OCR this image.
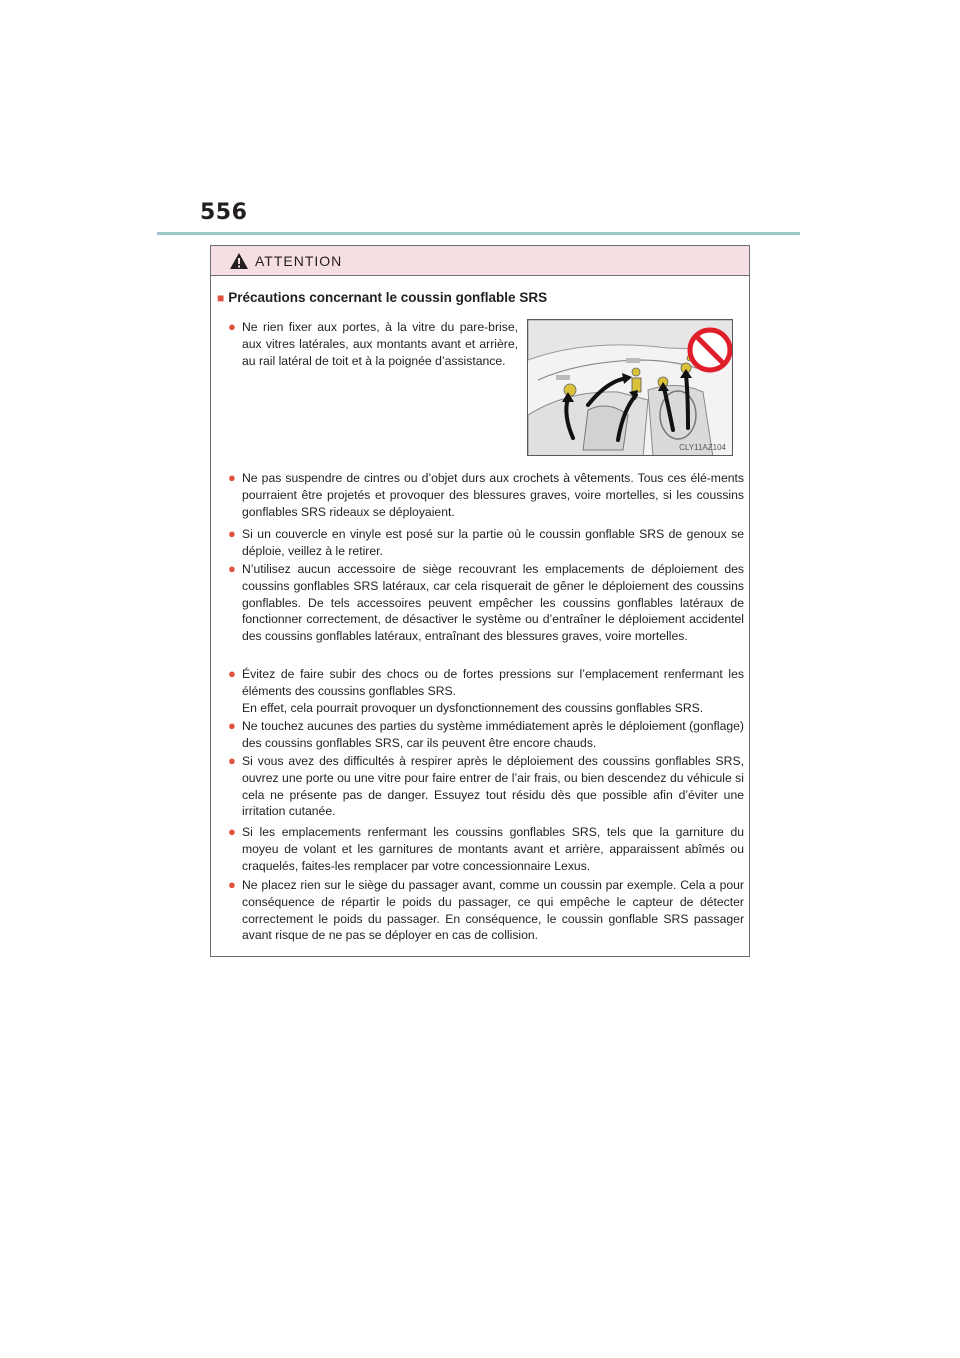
556
ATTENTION
■ Précautions concernant le coussin gonflable SRS
● Ne rien fixer aux portes, à la vitre du pare-brise, aux vitres latérales, aux montants avant et arrière, au rail latéral de toit et à la poignée d’assistance.
CLY11AZ104
● Ne pas suspendre de cintres ou d’objet durs aux crochets à vêtements. Tous ces élé-ments pourraient être projetés et provoquer des blessures graves, voire mortelles, si les coussins gonflables SRS rideaux se déployaient.
● Si un couvercle en vinyle est posé sur la partie où le coussin gonflable SRS de genoux se déploie, veillez à le retirer.
● N’utilisez aucun accessoire de siège recouvrant les emplacements de déploiement des coussins gonflables SRS latéraux, car cela risquerait de gêner le déploiement des coussins gonflables. De tels accessoires peuvent empêcher les coussins gonflables latéraux de fonctionner correctement, de désactiver le système ou d’entraîner le déploiement accidentel des coussins gonflables latéraux, entraînant des blessures graves, voire mortelles.
● Évitez de faire subir des chocs ou de fortes pressions sur l’emplacement renfermant les éléments des coussins gonflables SRS.
En effet, cela pourrait provoquer un dysfonctionnement des coussins gonflables SRS.
● Ne touchez aucunes des parties du système immédiatement après le déploiement (gonflage) des coussins gonflables SRS, car ils peuvent être encore chauds.
● Si vous avez des difficultés à respirer après le déploiement des coussins gonflables SRS, ouvrez une porte ou une vitre pour faire entrer de l’air frais, ou bien descendez du véhicule si cela ne présente pas de danger. Essuyez tout résidu dès que possible afin d’éviter une irritation cutanée.
● Si les emplacements renfermant les coussins gonflables SRS, tels que la garniture du moyeu de volant et les garnitures de montants avant et arrière, apparaissent abîmés ou craquelés, faites-les remplacer par votre concessionnaire Lexus.
● Ne placez rien sur le siège du passager avant, comme un coussin par exemple. Cela a pour conséquence de répartir le poids du passager, ce qui empêche le capteur de détecter correctement le poids du passager. En conséquence, le coussin gonflable SRS passager avant risque de ne pas se déployer en cas de collision.
